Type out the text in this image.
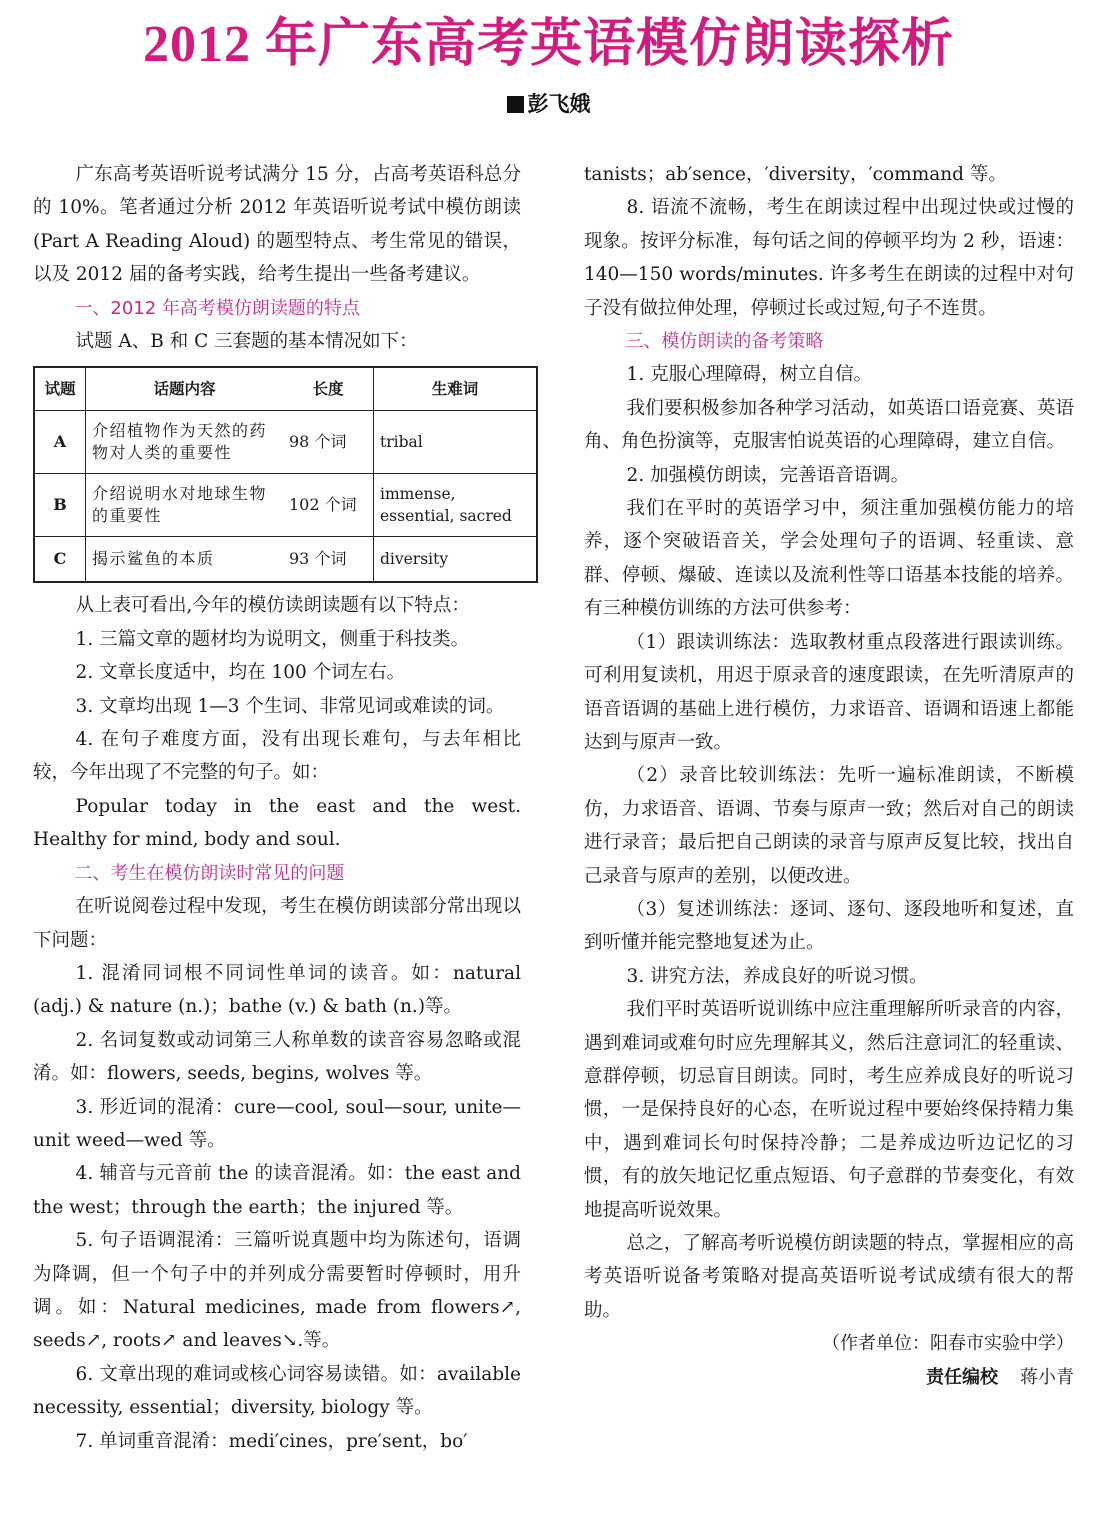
2012 年广东高考英语模仿朗读探析
彭飞娥

广东高考英语听说考试满分 15 分，占高考英语科总分的 10%。笔者通过分析 2012 年英语听说考试中模仿朗读 (Part A Reading Aloud) 的题型特点、考生常见的错误，以及 2012 届的备考实践，给考生提出一些备考建议。

一、2012 年高考模仿朗读题的特点

试题 A、B 和 C 三套题的基本情况如下：

试题	话题内容	长度	生难词
A	介绍植物作为天然的药物对人类的重要性	98 个词	tribal
B	介绍说明水对地球生物的重要性	102 个词	immense, essential, sacred
C	揭示鲨鱼的本质	93 个词	diversity

从上表可看出,今年的模仿读朗读题有以下特点：

1. 三篇文章的题材均为说明文，侧重于科技类。

2. 文章长度适中，均在 100 个词左右。

3. 文章均出现 1—3 个生词、非常见词或难读的词。

4. 在句子难度方面，没有出现长难句，与去年相比较，今年出现了不完整的句子。如：

Popular today in the east and the west. Healthy for mind, body and soul.

二、考生在模仿朗读时常见的问题

在听说阅卷过程中发现，考生在模仿朗读部分常出现以下问题：

1. 混淆同词根不同词性单词的读音。如：natural (adj.) & nature (n.)；bathe (v.) & bath (n.)等。

2. 名词复数或动词第三人称单数的读音容易忽略或混淆。如：flowers, seeds, begins, wolves 等。

3. 形近词的混淆：cure—cool, soul—sour, unite—unit weed—wed 等。

4. 辅音与元音前 the 的读音混淆。如：the east and the west；through the earth；the injured 等。

5. 句子语调混淆：三篇听说真题中均为陈述句，语调为降调，但一个句子中的并列成分需要暂时停顿时，用升调。如：Natural medicines, made from flowers↗, seeds↗, roots↗ and leaves↘.等。

6. 文章出现的难词或核心词容易读错。如：available necessity, essential；diversity, biology 等。

7. 单词重音混淆：medi′cines，pre′sent，bo′

tanists；ab′sence，′diversity，′command 等。

8. 语流不流畅，考生在朗读过程中出现过快或过慢的现象。按评分标准，每句话之间的停顿平均为 2 秒，语速：140—150 words/minutes. 许多考生在朗读的过程中对句子没有做拉伸处理，停顿过长或过短,句子不连贯。

三、模仿朗读的备考策略

1. 克服心理障碍，树立自信。

我们要积极参加各种学习活动，如英语口语竞赛、英语角、角色扮演等，克服害怕说英语的心理障碍，建立自信。

2. 加强模仿朗读，完善语音语调。

我们在平时的英语学习中，须注重加强模仿能力的培养，逐个突破语音关，学会处理句子的语调、轻重读、意群、停顿、爆破、连读以及流利性等口语基本技能的培养。有三种模仿训练的方法可供参考：

（1）跟读训练法：选取教材重点段落进行跟读训练。可利用复读机，用迟于原录音的速度跟读，在先听清原声的语音语调的基础上进行模仿，力求语音、语调和语速上都能达到与原声一致。

（2）录音比较训练法：先听一遍标准朗读，不断模仿，力求语音、语调、节奏与原声一致；然后对自己的朗读进行录音；最后把自己朗读的录音与原声反复比较，找出自己录音与原声的差别，以便改进。

（3）复述训练法：逐词、逐句、逐段地听和复述，直到听懂并能完整地复述为止。

3. 讲究方法，养成良好的听说习惯。

我们平时英语听说训练中应注重理解所听录音的内容，遇到难词或难句时应先理解其义，然后注意词汇的轻重读、意群停顿，切忌盲目朗读。同时，考生应养成良好的听说习惯，一是保持良好的心态，在听说过程中要始终保持精力集中，遇到难词长句时保持冷静；二是养成边听边记忆的习惯，有的放矢地记忆重点短语、句子意群的节奏变化，有效地提高听说效果。

总之，了解高考听说模仿朗读题的特点，掌握相应的高考英语听说备考策略对提高英语听说考试成绩有很大的帮助。

（作者单位：阳春市实验中学）

责任编校 蒋小青
